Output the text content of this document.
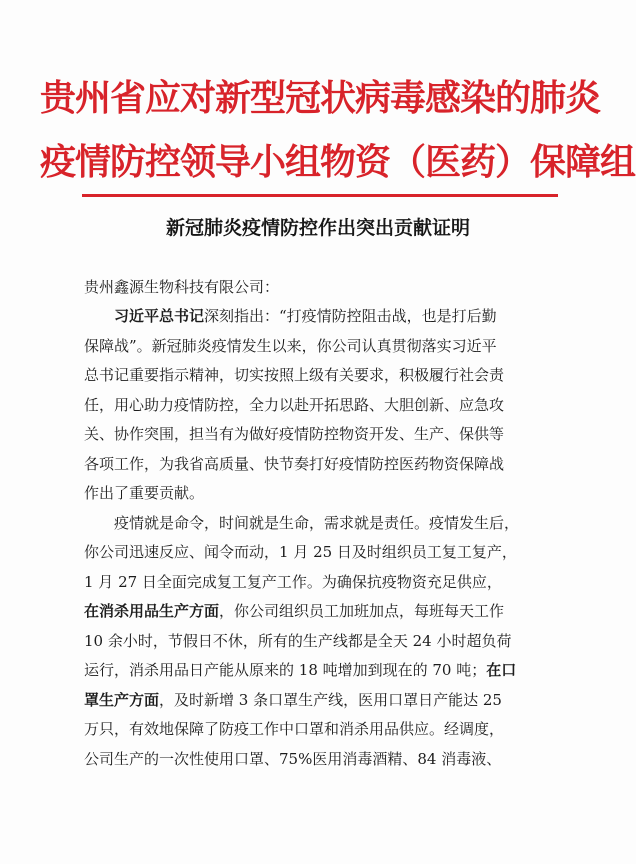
贵州省应对新型冠状病毒感染的肺炎
疫情防控领导小组物资（医药）保障组
新冠肺炎疫情防控作出突出贡献证明
贵州鑫源生物科技有限公司：
习近平总书记深刻指出：“打疫情防控阻击战，也是打后勤
保障战”。新冠肺炎疫情发生以来，你公司认真贯彻落实习近平
总书记重要指示精神，切实按照上级有关要求，积极履行社会责
任，用心助力疫情防控，全力以赴开拓思路、大胆创新、应急攻
关、协作突围，担当有为做好疫情防控物资开发、生产、保供等
各项工作，为我省高质量、快节奏打好疫情防控医药物资保障战
作出了重要贡献。
疫情就是命令，时间就是生命，需求就是责任。疫情发生后，
你公司迅速反应、闻令而动，1 月 25 日及时组织员工复工复产，
1 月 27 日全面完成复工复产工作。为确保抗疫物资充足供应，
在消杀用品生产方面，你公司组织员工加班加点，每班每天工作
10 余小时，节假日不休，所有的生产线都是全天 24 小时超负荷
运行，消杀用品日产能从原来的 18 吨增加到现在的 70 吨；在口
罩生产方面，及时新增 3 条口罩生产线，医用口罩日产能达 25
万只，有效地保障了防疫工作中口罩和消杀用品供应。经调度，
公司生产的一次性使用口罩、75%医用消毒酒精、84 消毒液、
